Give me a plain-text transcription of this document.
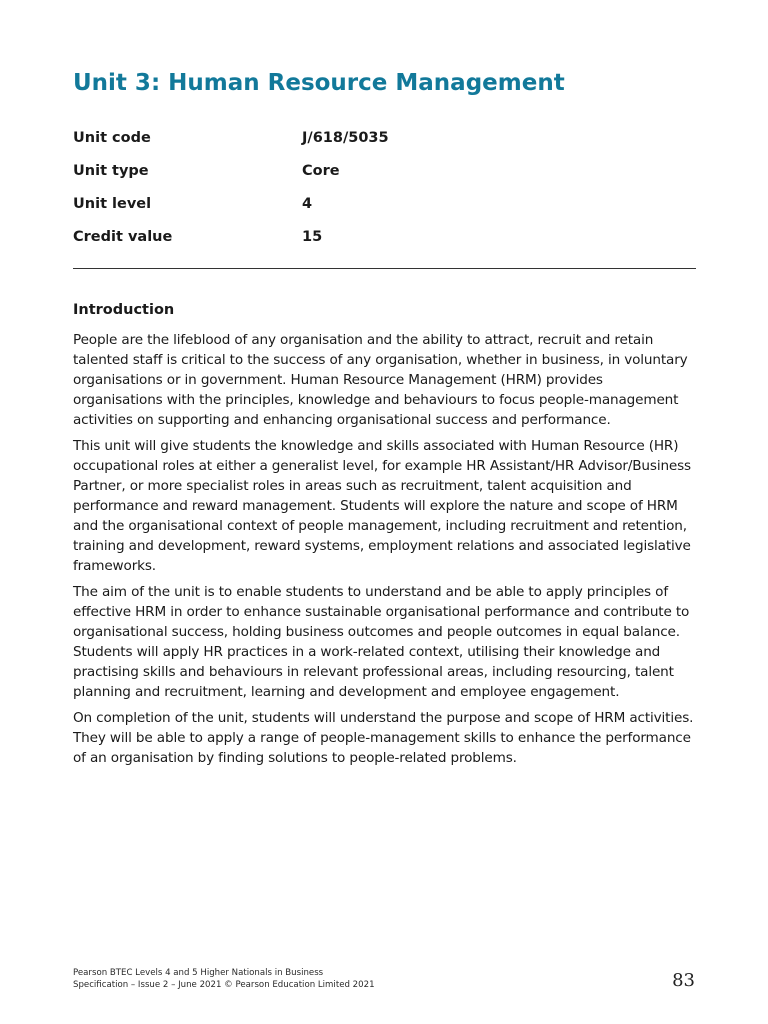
Unit 3: Human Resource Management
Unit code	J/618/5035
Unit type	Core
Unit level	4
Credit value	15
Introduction

People are the lifeblood of any organisation and the ability to attract, recruit and retain talented staff is critical to the success of any organisation, whether in business, in voluntary organisations or in government. Human Resource Management (HRM) provides organisations with the principles, knowledge and behaviours to focus people-management activities on supporting and enhancing organisational success and performance.

This unit will give students the knowledge and skills associated with Human Resource (HR) occupational roles at either a generalist level, for example HR Assistant/HR Advisor/Business Partner, or more specialist roles in areas such as recruitment, talent acquisition and performance and reward management. Students will explore the nature and scope of HRM and the organisational context of people management, including recruitment and retention, training and development, reward systems, employment relations and associated legislative frameworks.

The aim of the unit is to enable students to understand and be able to apply principles of effective HRM in order to enhance sustainable organisational performance and contribute to organisational success, holding business outcomes and people outcomes in equal balance. Students will apply HR practices in a work-related context, utilising their knowledge and practising skills and behaviours in relevant professional areas, including resourcing, talent planning and recruitment, learning and development and employee engagement.

On completion of the unit, students will understand the purpose and scope of HRM activities. They will be able to apply a range of people-management skills to enhance the performance of an organisation by finding solutions to people-related problems.

Pearson BTEC Levels 4 and 5 Higher Nationals in Business
Specification – Issue 2 – June 2021 © Pearson Education Limited 2021	83
